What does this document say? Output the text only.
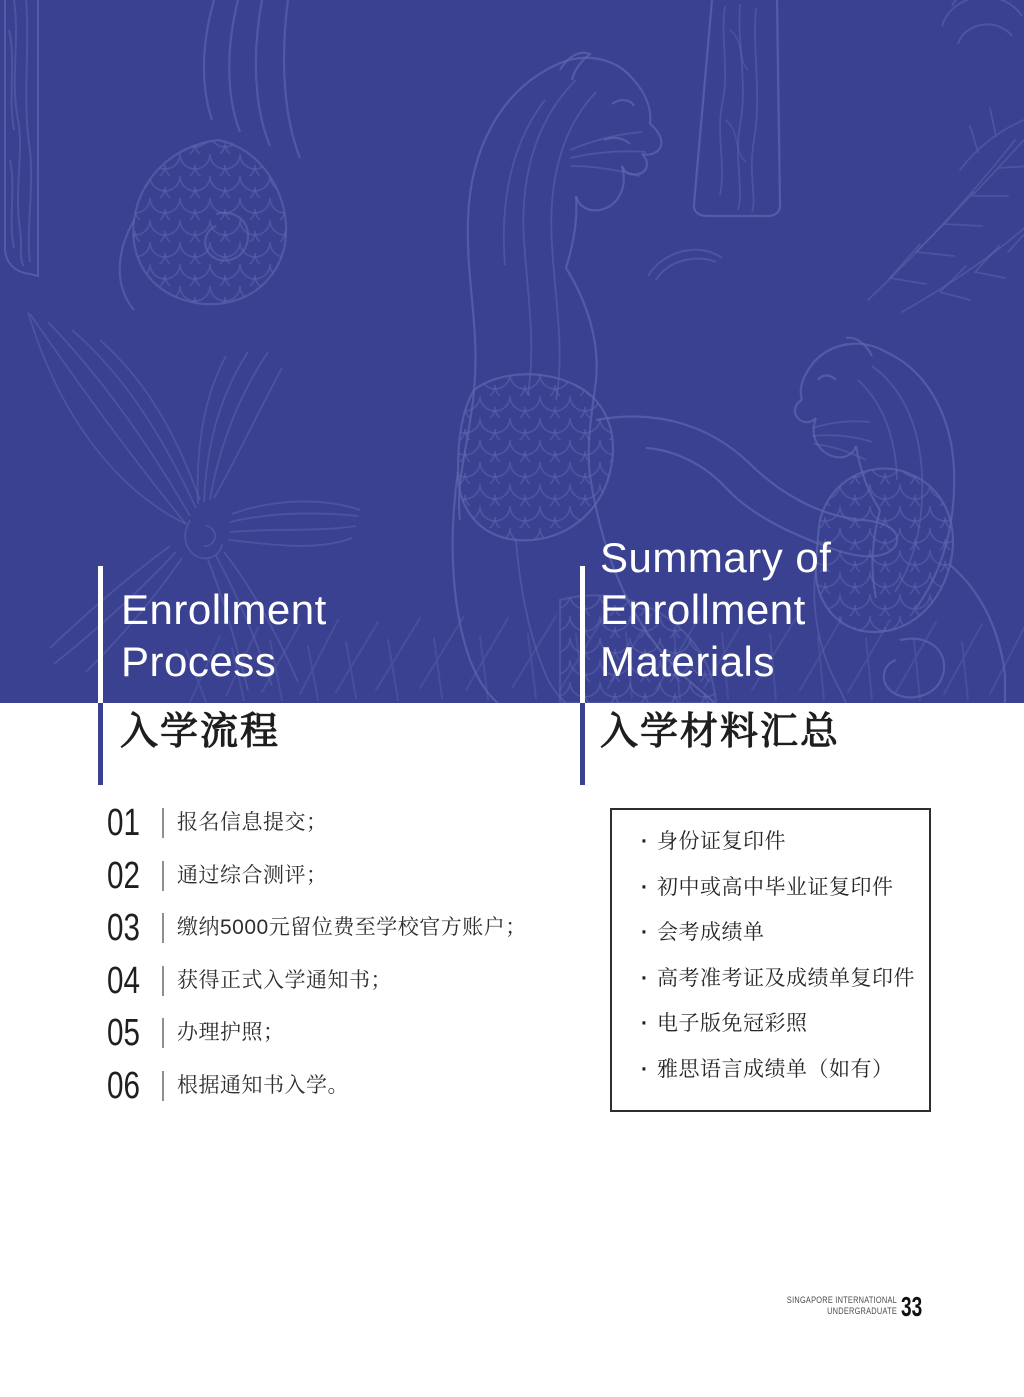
Enrollment
Process
Summary of
Enrollment
Materials
入学流程	入学材料汇总
01 报名信息提交；
02 通过综合测评；
03 缴纳5000元留位费至学校官方账户；
04 获得正式入学通知书；
05 办理护照；
06 根据通知书入学。
· 身份证复印件
· 初中或高中毕业证复印件
· 会考成绩单
· 高考准考证及成绩单复印件
· 电子版免冠彩照
· 雅思语言成绩单（如有）
SINGAPORE INTERNATIONAL
UNDERGRADUATE 33
